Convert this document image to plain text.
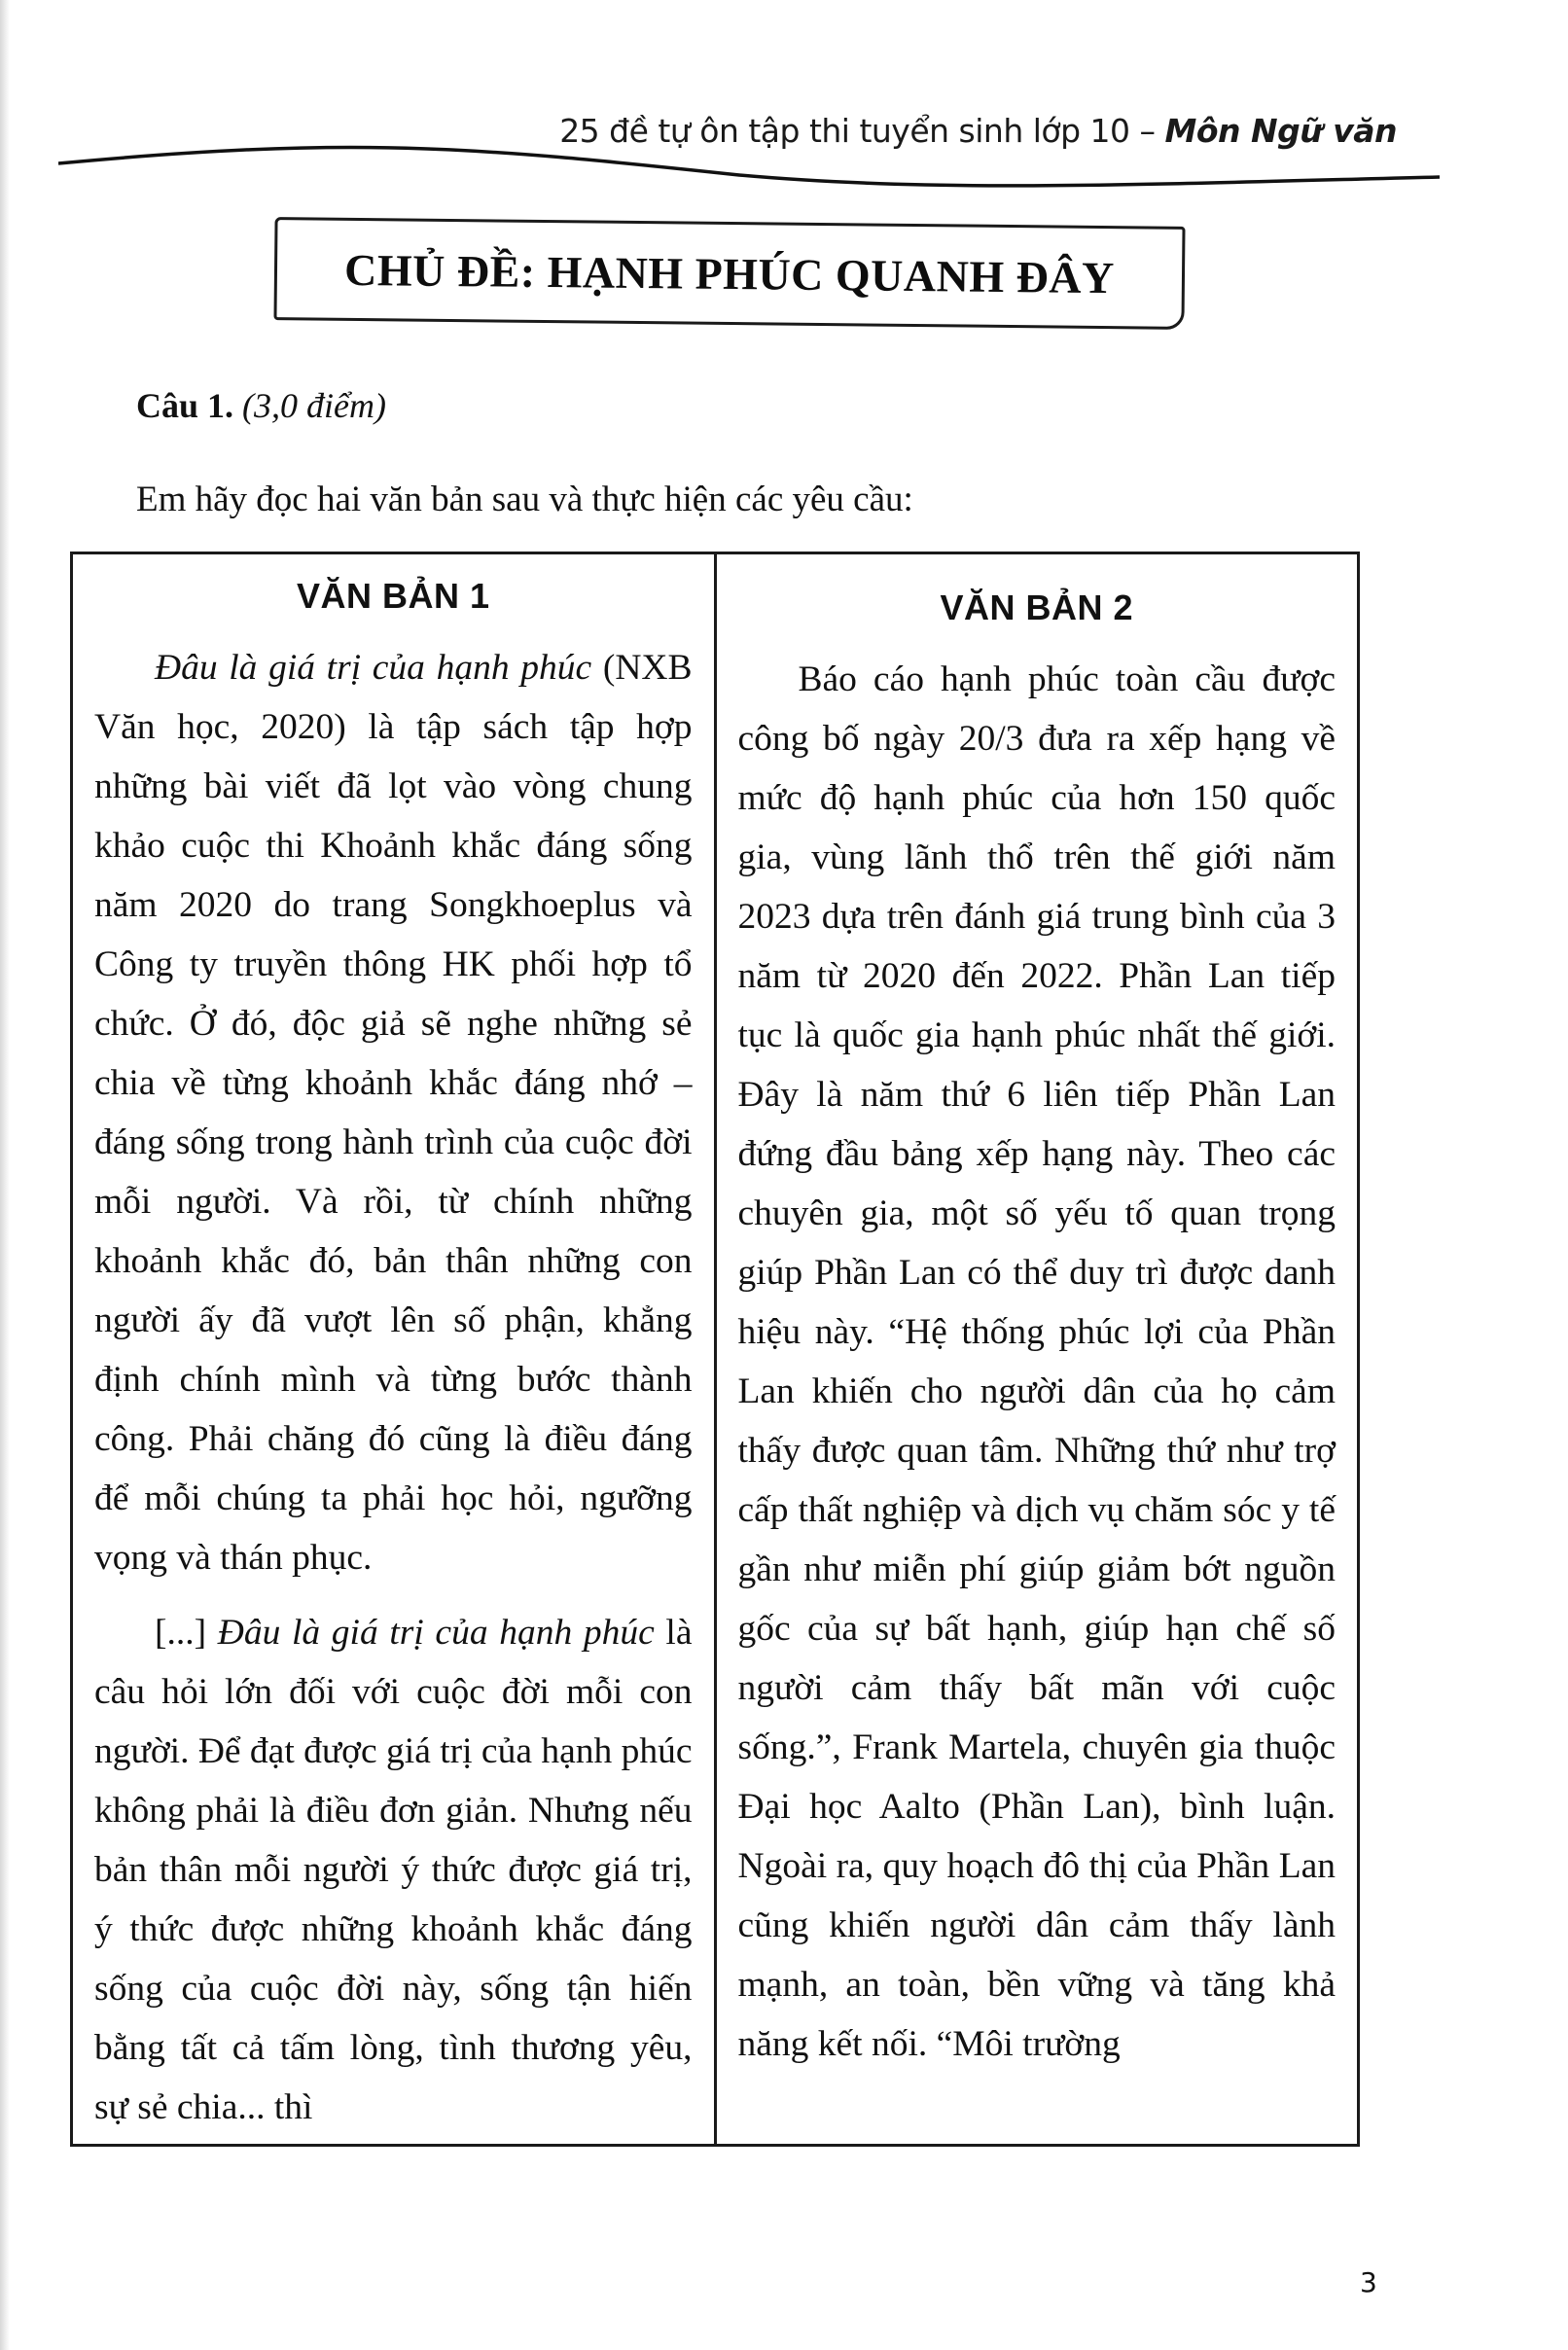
25 đề tự ôn tập thi tuyển sinh lớp 10 – Môn Ngữ văn
CHỦ ĐỀ: HẠNH PHÚC QUANH ĐÂY
Câu 1. (3,0 điểm)
Em hãy đọc hai văn bản sau và thực hiện các yêu cầu:
VĂN BẢN 1

Đâu là giá trị của hạnh phúc (NXB Văn học, 2020) là tập sách tập hợp những bài viết đã lọt vào vòng chung khảo cuộc thi Khoảnh khắc đáng sống năm 2020 do trang Songkhoeplus và Công ty truyền thông HK phối hợp tổ chức. Ở đó, độc giả sẽ nghe những sẻ chia về từng khoảnh khắc đáng nhớ – đáng sống trong hành trình của cuộc đời mỗi người. Và rồi, từ chính những khoảnh khắc đó, bản thân những con người ấy đã vượt lên số phận, khẳng định chính mình và từng bước thành công. Phải chăng đó cũng là điều đáng để mỗi chúng ta phải học hỏi, ngưỡng vọng và thán phục.

[...] Đâu là giá trị của hạnh phúc là câu hỏi lớn đối với cuộc đời mỗi con người. Để đạt được giá trị của hạnh phúc không phải là điều đơn giản. Nhưng nếu bản thân mỗi người ý thức được giá trị, ý thức được những khoảnh khắc đáng sống của cuộc đời này, sống tận hiến bằng tất cả tấm lòng, tình thương yêu, sự sẻ chia... thì

VĂN BẢN 2

Báo cáo hạnh phúc toàn cầu được công bố ngày 20/3 đưa ra xếp hạng về mức độ hạnh phúc của hơn 150 quốc gia, vùng lãnh thổ trên thế giới năm 2023 dựa trên đánh giá trung bình của 3 năm từ 2020 đến 2022. Phần Lan tiếp tục là quốc gia hạnh phúc nhất thế giới. Đây là năm thứ 6 liên tiếp Phần Lan đứng đầu bảng xếp hạng này. Theo các chuyên gia, một số yếu tố quan trọng giúp Phần Lan có thể duy trì được danh hiệu này. “Hệ thống phúc lợi của Phần Lan khiến cho người dân của họ cảm thấy được quan tâm. Những thứ như trợ cấp thất nghiệp và dịch vụ chăm sóc y tế gần như miễn phí giúp giảm bớt nguồn gốc của sự bất hạnh, giúp hạn chế số người cảm thấy bất mãn với cuộc sống.”, Frank Martela, chuyên gia thuộc Đại học Aalto (Phần Lan), bình luận. Ngoài ra, quy hoạch đô thị của Phần Lan cũng khiến người dân cảm thấy lành mạnh, an toàn, bền vững và tăng khả năng kết nối. “Môi trường

3
